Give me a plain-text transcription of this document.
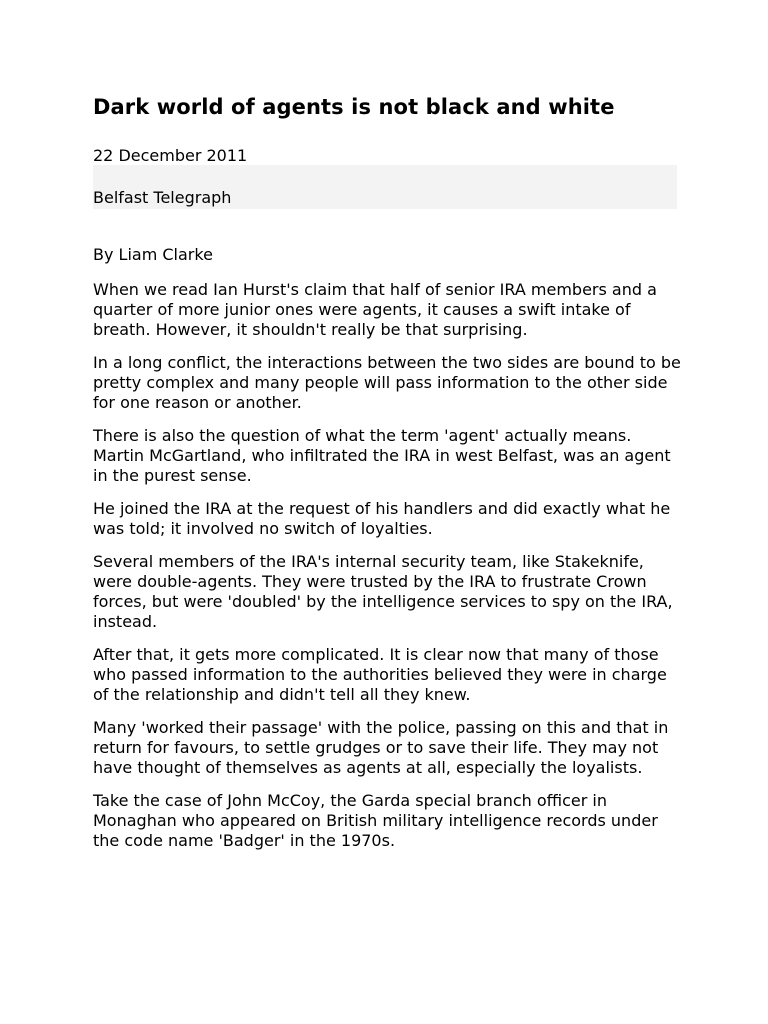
Dark world of agents is not black and white
22 December 2011
Belfast Telegraph
By Liam Clarke

When we read Ian Hurst's claim that half of senior IRA members and a quarter of more junior ones were agents, it causes a swift intake of breath. However, it shouldn't really be that surprising.

In a long conflict, the interactions between the two sides are bound to be pretty complex and many people will pass information to the other side for one reason or another.

There is also the question of what the term 'agent' actually means. Martin McGartland, who infiltrated the IRA in west Belfast, was an agent in the purest sense.

He joined the IRA at the request of his handlers and did exactly what he was told; it involved no switch of loyalties.

Several members of the IRA's internal security team, like Stakeknife, were double-agents. They were trusted by the IRA to frustrate Crown forces, but were 'doubled' by the intelligence services to spy on the IRA, instead.

After that, it gets more complicated. It is clear now that many of those who passed information to the authorities believed they were in charge of the relationship and didn't tell all they knew.

Many 'worked their passage' with the police, passing on this and that in return for favours, to settle grudges or to save their life. They may not have thought of themselves as agents at all, especially the loyalists.

Take the case of John McCoy, the Garda special branch officer in Monaghan who appeared on British military intelligence records under the code name 'Badger' in the 1970s.
